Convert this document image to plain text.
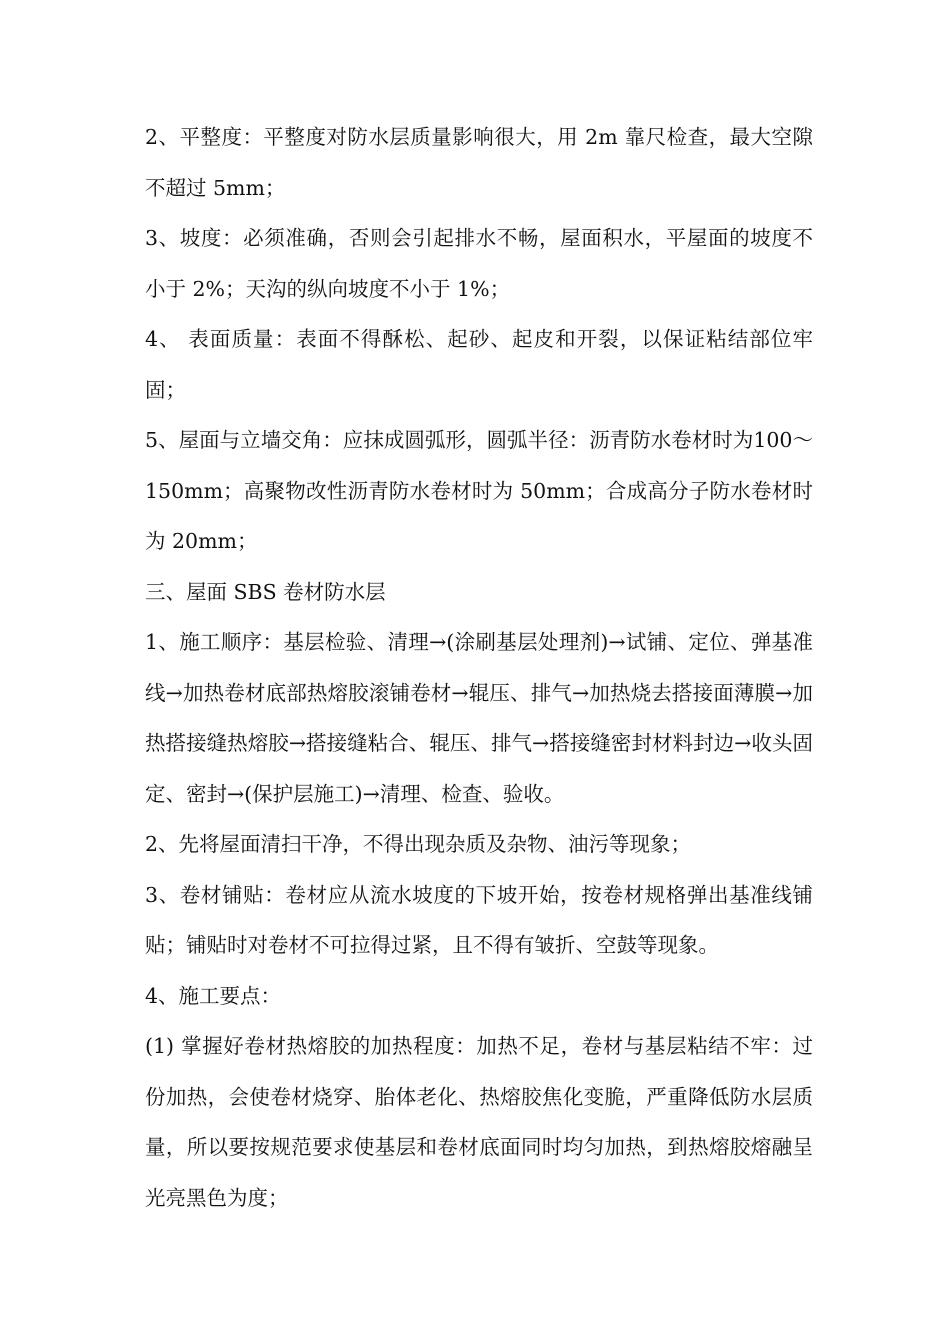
2、平整度：平整度对防水层质量影响很大，用 2m 靠尺检查，最大空隙不超过 5mm；

3、坡度：必须准确，否则会引起排水不畅，屋面积水，平屋面的坡度不小于 2%；天沟的纵向坡度不小于 1%；

4、 表面质量：表面不得酥松、起砂、起皮和开裂，以保证粘结部位牢固；

5、屋面与立墙交角：应抹成圆弧形，圆弧半径：沥青防水卷材时为100～150mm；高聚物改性沥青防水卷材时为 50mm；合成高分子防水卷材时为 20mm；

三、屋面 SBS 卷材防水层

1、施工顺序：基层检验、清理→(涂刷基层处理剂)→试铺、定位、弹基准线→加热卷材底部热熔胶滚铺卷材→辊压、排气→加热烧去搭接面薄膜→加热搭接缝热熔胶→搭接缝粘合、辊压、排气→搭接缝密封材料封边→收头固定、密封→(保护层施工)→清理、检查、验收。

2、先将屋面清扫干净，不得出现杂质及杂物、油污等现象；

3、卷材铺贴：卷材应从流水坡度的下坡开始，按卷材规格弹出基准线铺贴；铺贴时对卷材不可拉得过紧，且不得有皱折、空鼓等现象。

4、施工要点：

(1) 掌握好卷材热熔胶的加热程度：加热不足，卷材与基层粘结不牢：过份加热，会使卷材烧穿、胎体老化、热熔胶焦化变脆，严重降低防水层质量，所以要按规范要求使基层和卷材底面同时均匀加热，到热熔胶熔融呈光亮黑色为度；
